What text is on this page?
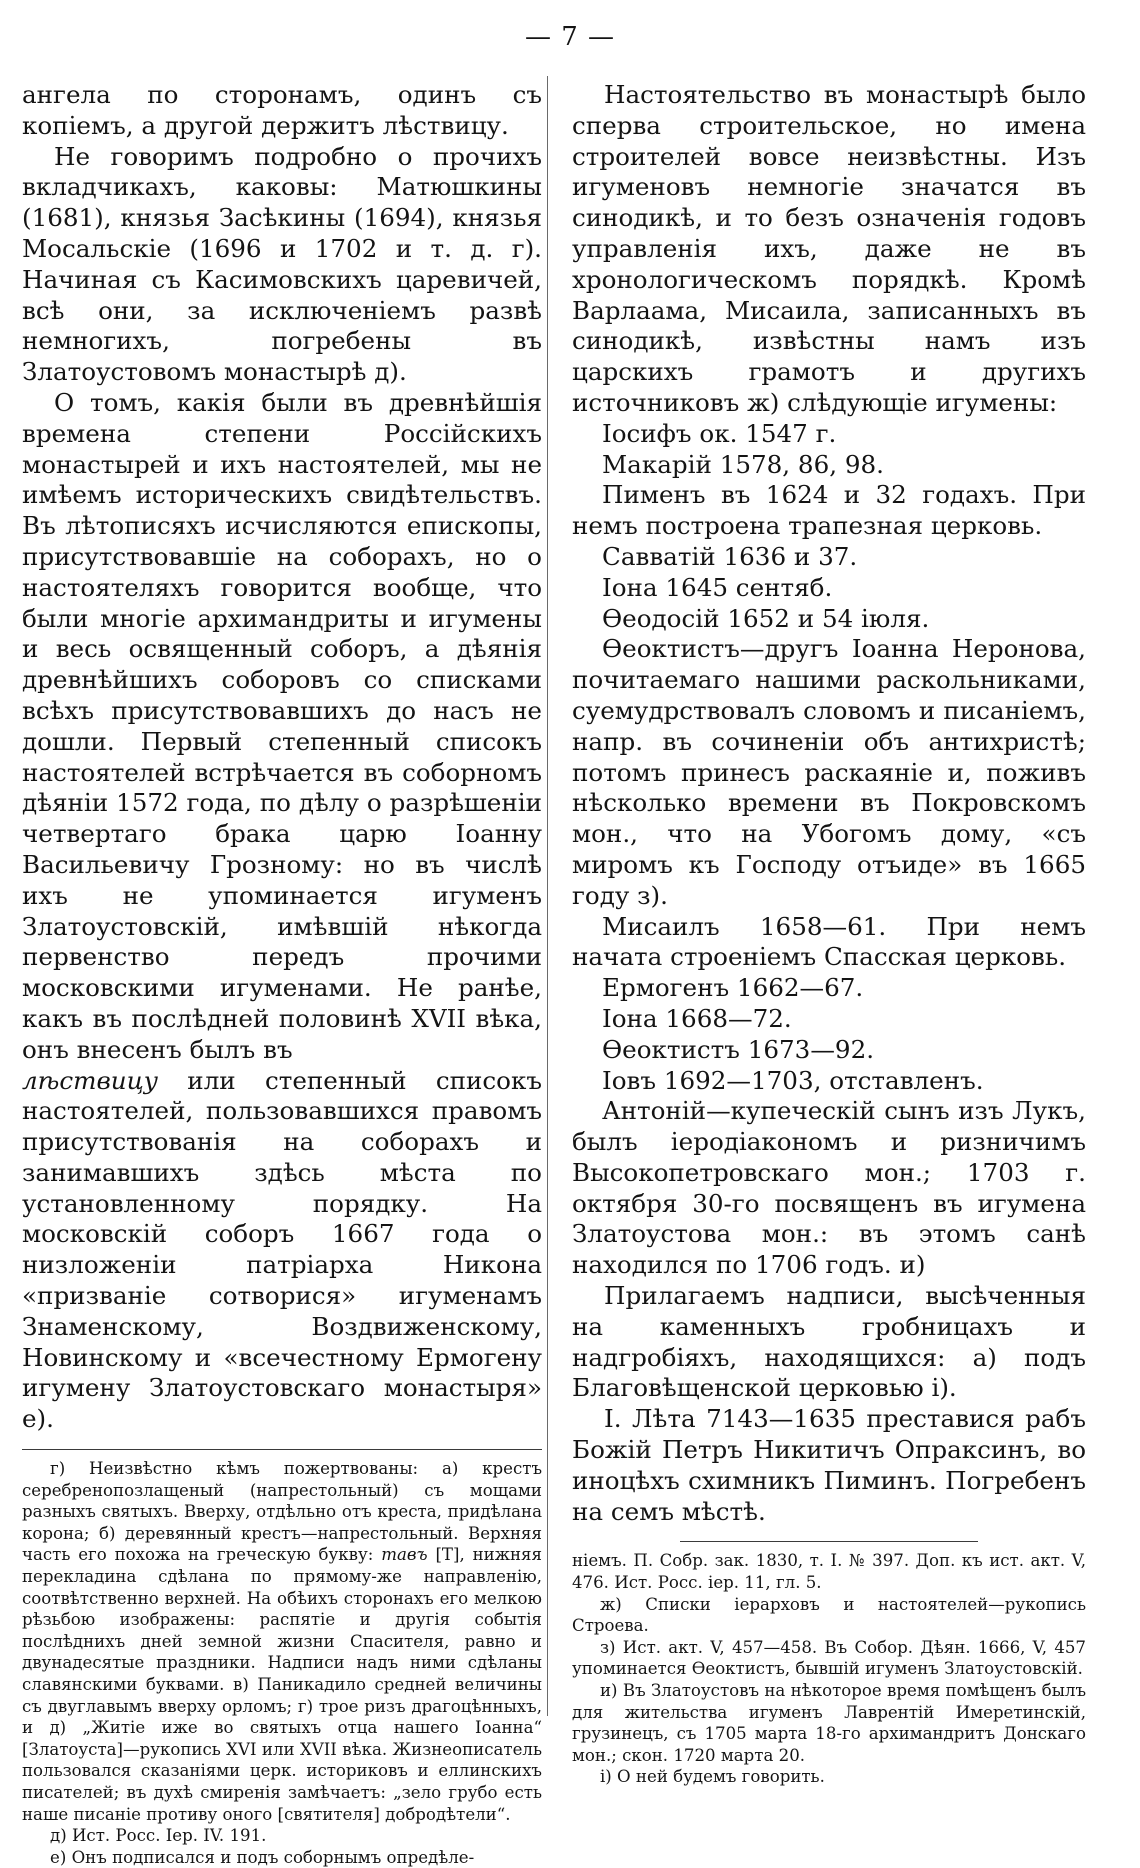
— 7 —

ангела по сторонамъ, одинъ съ копіемъ, а другой держитъ лѣствицу.

Не говоримъ подробно о прочихъ вкладчикахъ, каковы: Матюшкины (1681), князья Засѣкины (1694), князья Мосальскіе (1696 и 1702 и т. д. г). Начиная съ Касимовскихъ царевичей, всѣ они, за исключеніемъ развѣ немногихъ, погребены въ Златоустовомъ монастырѣ д).

О томъ, какія были въ древнѣйшія времена степени Россійскихъ монастырей и ихъ настоятелей, мы не имѣемъ историческихъ свидѣтельствъ. Въ лѣтописяхъ исчисляются епископы, присутствовавшіе на соборахъ, но о настоятеляхъ говорится вообще, что были многіе архимандриты и игумены и весь освященный соборъ, а дѣянія древнѣйшихъ соборовъ со списками всѣхъ присутствовавшихъ до насъ не дошли. Первый степенный списокъ настоятелей встрѣчается въ соборномъ дѣяніи 1572 года, по дѣлу о разрѣшеніи четвертаго брака царю Іоанну Васильевичу Грозному: но въ числѣ ихъ не упоминается игуменъ Златоустовскій, имѣвшій нѣкогда первенство передъ прочими московскими игуменами. Не ранѣе, какъ въ послѣдней половинѣ XVII вѣка, онъ внесенъ былъ въ

лѣствицу или степенный списокъ настоятелей, пользовавшихся правомъ присутствованія на соборахъ и занимавшихъ здѣсь мѣста по установленному порядку. На московскій соборъ 1667 года о низложеніи патріарха Никона «призваніе сотворися» игуменамъ Знаменскому, Воздвиженскому, Новинскому и «всечестному Ермогену игумену Златоустовскаго монастыря» е).

г) Неизвѣстно кѣмъ пожертвованы: а) крестъ серебренопозлащеный (напрестольный) съ мощами разныхъ святыхъ. Вверху, отдѣльно отъ креста, придѣлана корона; б) деревянный крестъ—напрестольный. Верхняя часть его похожа на греческую букву: тавъ [Т], нижняя перекладина сдѣлана по прямому-же направленію, соотвѣтственно верхней. На обѣихъ сторонахъ его мелкою рѣзьбою изображены: распятіе и другія событія послѣднихъ дней земной жизни Спасителя, равно и двунадесятые праздники. Надписи надъ ними сдѣланы славянскими буквами. в) Паникадило средней величины съ двуглавымъ вверху орломъ; г) трое ризъ драгоцѣнныхъ, и д) „Житіе иже во святыхъ отца нашего Іоанна“ [Златоуста]—рукопись XVI или XVII вѣка. Жизнеописатель пользовался сказаніями церк. историковъ и еллинскихъ писателей; въ духѣ смиренія замѣчаетъ: „зело грубо есть наше писаніе противу оного [святителя] добродѣтели“.

д) Ист. Росс. Іер. IV. 191.

е) Онъ подписался и подъ соборнымъ опредѣле-

Настоятельство въ монастырѣ было сперва строительское, но имена строителей вовсе неизвѣстны. Изъ игуменовъ немногіе значатся въ синодикѣ, и то безъ означенія годовъ управленія ихъ, даже не въ хронологическомъ порядкѣ. Кромѣ Варлаама, Мисаила, записанныхъ въ синодикѣ, извѣстны намъ изъ царскихъ грамотъ и другихъ источниковъ ж) слѣдующіе игумены:

Іосифъ ок. 1547 г.

Макарій 1578, 86, 98.

Пименъ въ 1624 и 32 годахъ. При немъ построена трапезная церковь.

Савватій 1636 и 37.

Іона 1645 сентяб.

Ѳеодосій 1652 и 54 іюля.

Ѳеоктистъ—другъ Іоанна Неронова, почитаемаго нашими раскольниками, суемудрствовалъ словомъ и писаніемъ, напр. въ сочиненіи объ антихристѣ; потомъ принесъ раскаяніе и, поживъ нѣсколько времени въ Покровскомъ мон., что на Убогомъ дому, «съ миромъ къ Господу отъиде» въ 1665 году з).

Мисаилъ 1658—61. При немъ начата строеніемъ Спасская церковь.

Ермогенъ 1662—67.

Іона 1668—72.

Ѳеоктистъ 1673—92.

Іовъ 1692—1703, отставленъ.

Антоній—купеческій сынъ изъ Лукъ, былъ іеродіакономъ и ризничимъ Высокопетровскаго мон.; 1703 г. октября 30-го посвященъ въ игумена Златоустова мон.: въ этомъ санѣ находился по 1706 годъ. и)

Прилагаемъ надписи, высѣченныя на каменныхъ гробницахъ и надгробіяхъ, находящихся: а) подъ Благовѣщенской церковью і).

І. Лѣта 7143—1635 преставися рабъ Божій Петръ Никитичъ Опраксинъ, во иноцѣхъ схимникъ Пиминъ. Погребенъ на семъ мѣстѣ.

ніемъ. П. Собр. зак. 1830, т. І. № 397. Доп. къ ист. акт. V, 476. Ист. Росс. іер. 11, гл. 5.

ж) Списки іерарховъ и настоятелей—рукопись Строева.

з) Ист. акт. V, 457—458. Въ Собор. Дѣян. 1666, V, 457 упоминается Ѳеоктистъ, бывшій игуменъ Златоустовскій.

и) Въ Златоустовъ на нѣкоторое время помѣщенъ былъ для жительства игуменъ Лаврентій Имеретинскій, грузинецъ, съ 1705 марта 18-го архимандритъ Донскаго мон.; скон. 1720 марта 20.

і) О ней будемъ говорить.
